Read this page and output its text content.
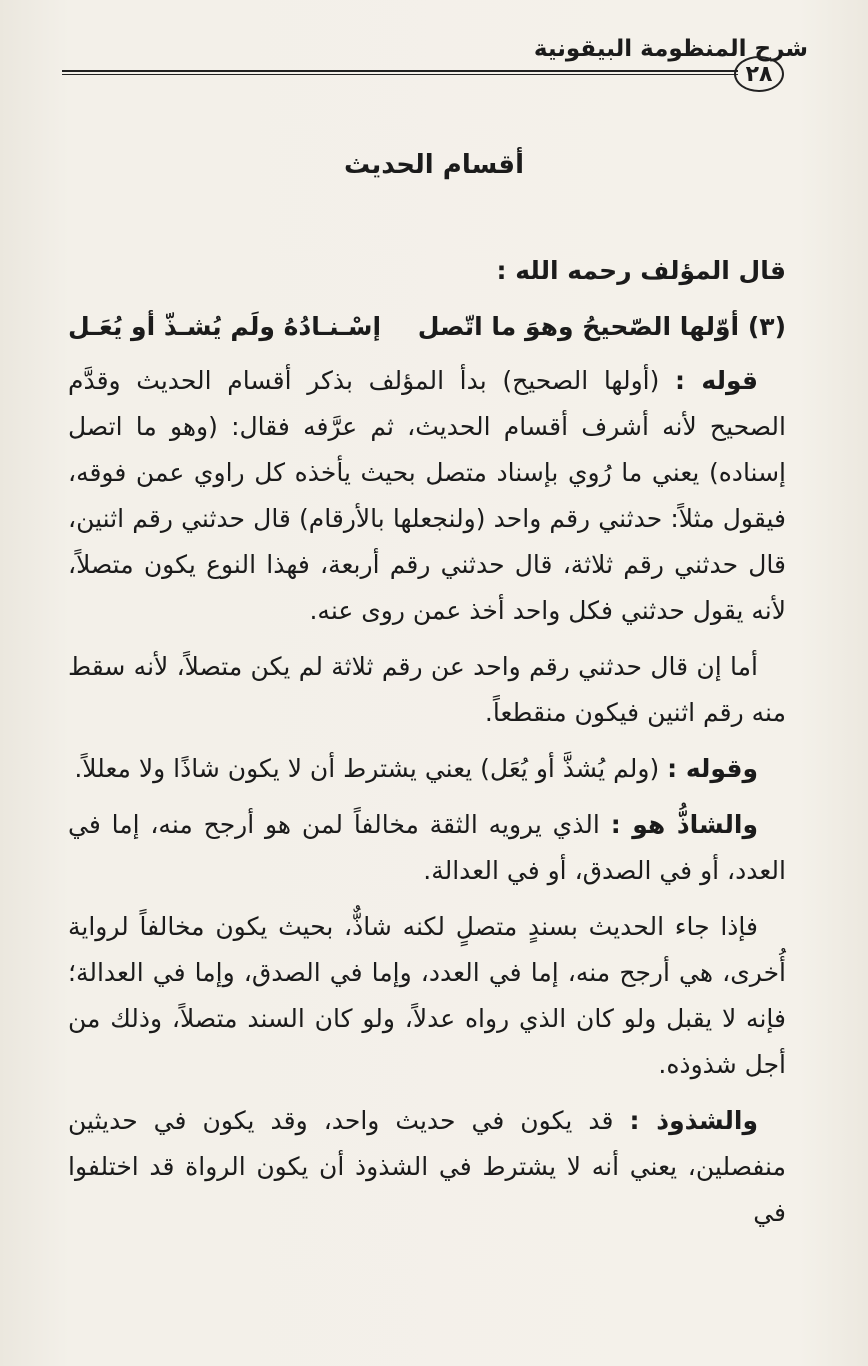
شرح المنظومة البيقونية
٢٨
أقسام الحديث

قال المؤلف رحمه الله :

(٣) أوّلها الصّحيحُ وهوَ ما اتّصل
إسْـنـادُهُ ولَم يُشـذّ أو يُعَـل

قوله : (أولها الصحيح) بدأ المؤلف بذكر أقسام الحديث وقدَّم الصحيح لأنه أشرف أقسام الحديث، ثم عرَّفه فقال: (وهو ما اتصل إسناده) يعني ما رُوي بإسناد متصل بحيث يأخذه كل راوي عمن فوقه، فيقول مثلاً: حدثني رقم واحد (ولنجعلها بالأرقام) قال حدثني رقم اثنين، قال حدثني رقم ثلاثة، قال حدثني رقم أربعة، فهذا النوع يكون متصلاً، لأنه يقول حدثني فكل واحد أخذ عمن روى عنه.

أما إن قال حدثني رقم واحد عن رقم ثلاثة لم يكن متصلاً، لأنه سقط منه رقم اثنين فيكون منقطعاً.

وقوله : (ولم يُشذَّ أو يُعَل) يعني يشترط أن لا يكون شاذًا ولا معللاً.

والشاذُّ هو : الذي يرويه الثقة مخالفاً لمن هو أرجح منه، إما في العدد، أو في الصدق، أو في العدالة.

فإذا جاء الحديث بسندٍ متصلٍ لكنه شاذٌّ، بحيث يكون مخالفاً لرواية أُخرى، هي أرجح منه، إما في العدد، وإما في الصدق، وإما في العدالة؛ فإنه لا يقبل ولو كان الذي رواه عدلاً، ولو كان السند متصلاً، وذلك من أجل شذوذه.

والشذوذ : قد يكون في حديث واحد، وقد يكون في حديثين منفصلين، يعني أنه لا يشترط في الشذوذ أن يكون الرواة قد اختلفوا في
